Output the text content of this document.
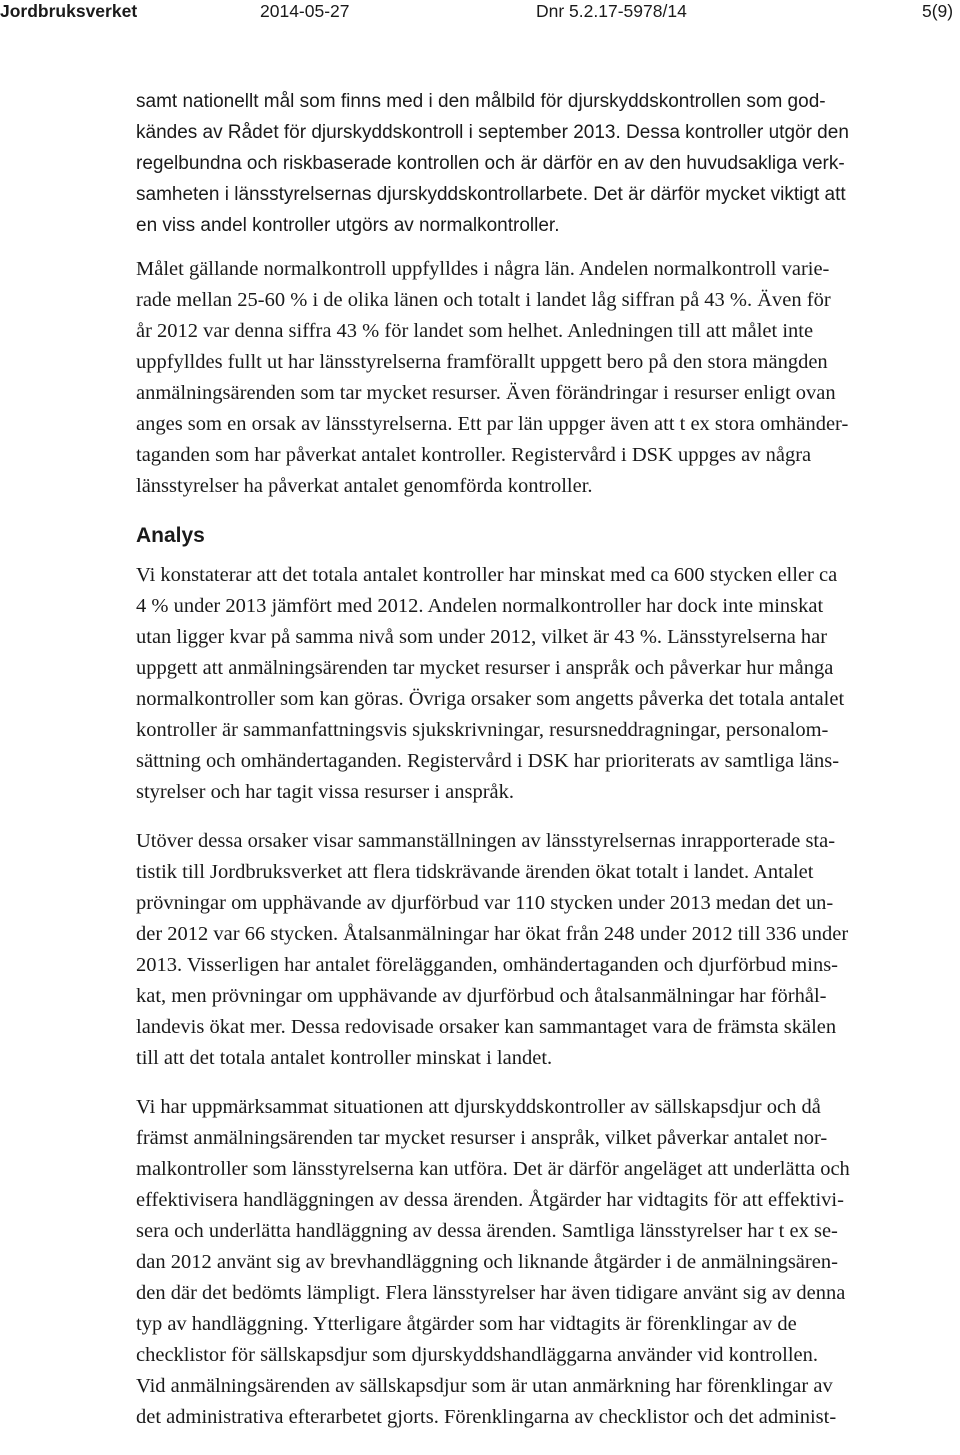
Jordbruksverket	2014-05-27	Dnr 5.2.17-5978/14	5(9)
samt nationellt mål som finns med i den målbild för djurskyddskontrollen som god-
kändes av Rådet för djurskyddskontroll i september 2013. Dessa kontroller utgör den
regelbundna och riskbaserade kontrollen och är därför en av den huvudsakliga verk-
samheten i länsstyrelsernas djurskyddskontrollarbete. Det är därför mycket viktigt att
en viss andel kontroller utgörs av normalkontroller.
Målet gällande normalkontroll uppfylldes i några län. Andelen normalkontroll varie-
rade mellan 25-60 % i de olika länen och totalt i landet låg siffran på 43 %. Även för
år 2012 var denna siffra 43 % för landet som helhet. Anledningen till att målet inte
uppfylldes fullt ut har länsstyrelserna framförallt uppgett bero på den stora mängden
anmälningsärenden som tar mycket resurser. Även förändringar i resurser enligt ovan
anges som en orsak av länsstyrelserna. Ett par län uppger även att t ex stora omhänder-
taganden som har påverkat antalet kontroller. Registervård i DSK uppges av några
länsstyrelser ha påverkat antalet genomförda kontroller.
Analys
Vi konstaterar att det totala antalet kontroller har minskat med ca 600 stycken eller ca
4 % under 2013 jämfört med 2012. Andelen normalkontroller har dock inte minskat
utan ligger kvar på samma nivå som under 2012, vilket är 43 %. Länsstyrelserna har
uppgett att anmälningsärenden tar mycket resurser i anspråk och påverkar hur många
normalkontroller som kan göras. Övriga orsaker som angetts påverka det totala antalet
kontroller är sammanfattningsvis sjukskrivningar, resursneddragningar, personalom-
sättning och omhändertaganden. Registervård i DSK har prioriterats av samtliga läns-
styrelser och har tagit vissa resurser i anspråk.
Utöver dessa orsaker visar sammanställningen av länsstyrelsernas inrapporterade sta-
tistik till Jordbruksverket att flera tidskrävande ärenden ökat totalt i landet. Antalet
prövningar om upphävande av djurförbud var 110 stycken under 2013 medan det un-
der 2012 var 66 stycken. Åtalsanmälningar har ökat från 248 under 2012 till 336 under
2013. Visserligen har antalet förelägganden, omhändertaganden och djurförbud mins-
kat, men prövningar om upphävande av djurförbud och åtalsanmälningar har förhål-
landevis ökat mer. Dessa redovisade orsaker kan sammantaget vara de främsta skälen
till att det totala antalet kontroller minskat i landet.
Vi har uppmärksammat situationen att djurskyddskontroller av sällskapsdjur och då
främst anmälningsärenden tar mycket resurser i anspråk, vilket påverkar antalet nor-
malkontroller som länsstyrelserna kan utföra. Det är därför angeläget att underlätta och
effektivisera handläggningen av dessa ärenden. Åtgärder har vidtagits för att effektivi-
sera och underlätta handläggning av dessa ärenden. Samtliga länsstyrelser har t ex se-
dan 2012 använt sig av brevhandläggning och liknande åtgärder i de anmälningsären-
den där det bedömts lämpligt. Flera länsstyrelser har även tidigare använt sig av denna
typ av handläggning. Ytterligare åtgärder som har vidtagits är förenklingar av de
checklistor för sällskapsdjur som djurskyddshandläggarna använder vid kontrollen.
Vid anmälningsärenden av sällskapsdjur som är utan anmärkning har förenklingar av
det administrativa efterarbetet gjorts. Förenklingarna av checklistor och det administ-
